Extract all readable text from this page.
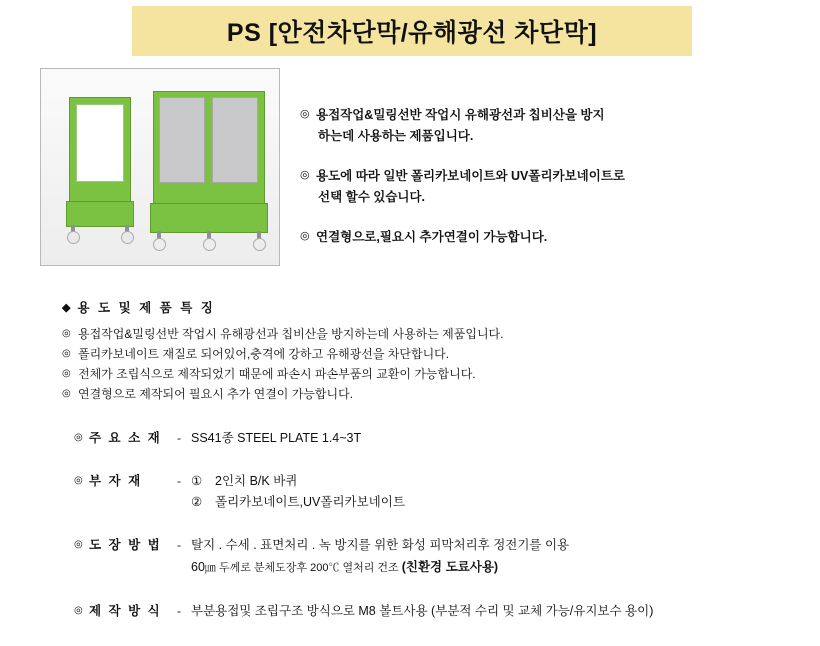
PS [안전차단막/유해광선 차단막]
◎ 용접작업&밀링선반 작업시 유해광선과 칩비산을 방지
하는데 사용하는 제품입니다.
◎ 용도에 따라 일반 폴리카보네이트와 UV폴리카보네이트로
선택 할수 있습니다.
◎ 연결형으로,필요시 추가연결이 가능합니다.
◆ 용 도 및 제 품 특 징
◎ 용접작업&밀링선반 작업시 유해광선과 칩비산을 방지하는데 사용하는 제품입니다.
◎ 폴리카보네이트 재질로 되어있어,충격에 강하고 유해광선을 차단합니다.
◎ 전체가 조립식으로 제작되었기 때문에 파손시 파손부품의 교환이 가능합니다.
◎ 연결형으로 제작되어 필요시 추가 연결이 가능합니다.
◎ 주 요 소 재	- SS41종 STEEL PLATE 1.4~3T
◎ 부 자 재	- ①	2인치 B/K 바퀴
②	폴리카보네이트,UV폴리카보네이트
◎ 도 장 방 법	- 탈지 . 수세 . 표면처리 . 녹 방지를 위한 화성 피막처리후 정전기를 이용
60㎛ 두께로 분체도장후 200℃ 열처리 건조 (친환경 도료사용)
◎ 제 작 방 식	- 부분용접및 조립구조 방식으로 M8 볼트사용 (부분적 수리 및 교체 가능/유지보수 용이)
